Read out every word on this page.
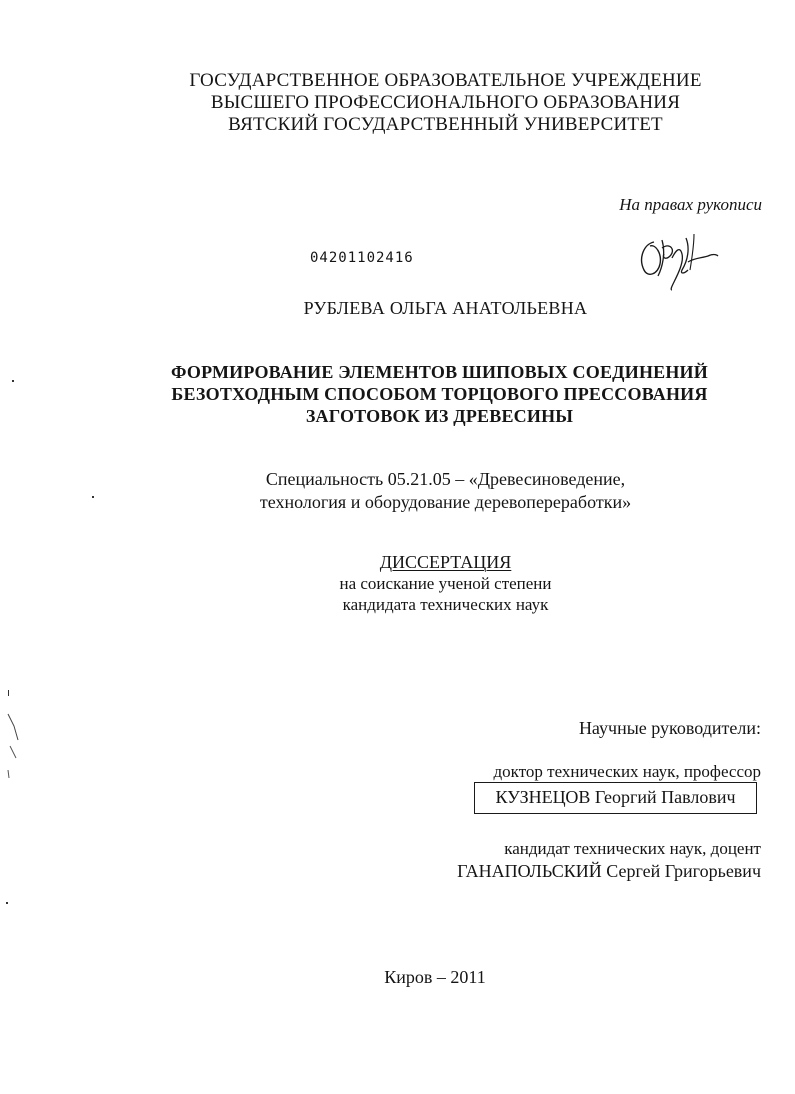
ГОСУДАРСТВЕННОЕ ОБРАЗОВАТЕЛЬНОЕ УЧРЕЖДЕНИЕ
ВЫСШЕГО ПРОФЕССИОНАЛЬНОГО ОБРАЗОВАНИЯ
ВЯТСКИЙ ГОСУДАРСТВЕННЫЙ УНИВЕРСИТЕТ
На правах рукописи
04201102416
РУБЛЕВА ОЛЬГА АНАТОЛЬЕВНА
ФОРМИРОВАНИЕ ЭЛЕМЕНТОВ ШИПОВЫХ СОЕДИНЕНИЙ
БЕЗОТХОДНЫМ СПОСОБОМ ТОРЦОВОГО ПРЕССОВАНИЯ
ЗАГОТОВОК ИЗ ДРЕВЕСИНЫ
Специальность 05.21.05 – «Древесиноведение,
технология и оборудование деревопереработки»
ДИССЕРТАЦИЯ
на соискание ученой степени
кандидата технических наук
Научные руководители:
доктор технических наук, профессор
КУЗНЕЦОВ Георгий Павлович
кандидат технических наук, доцент
ГАНАПОЛЬСКИЙ Сергей Григорьевич
Киров – 2011
